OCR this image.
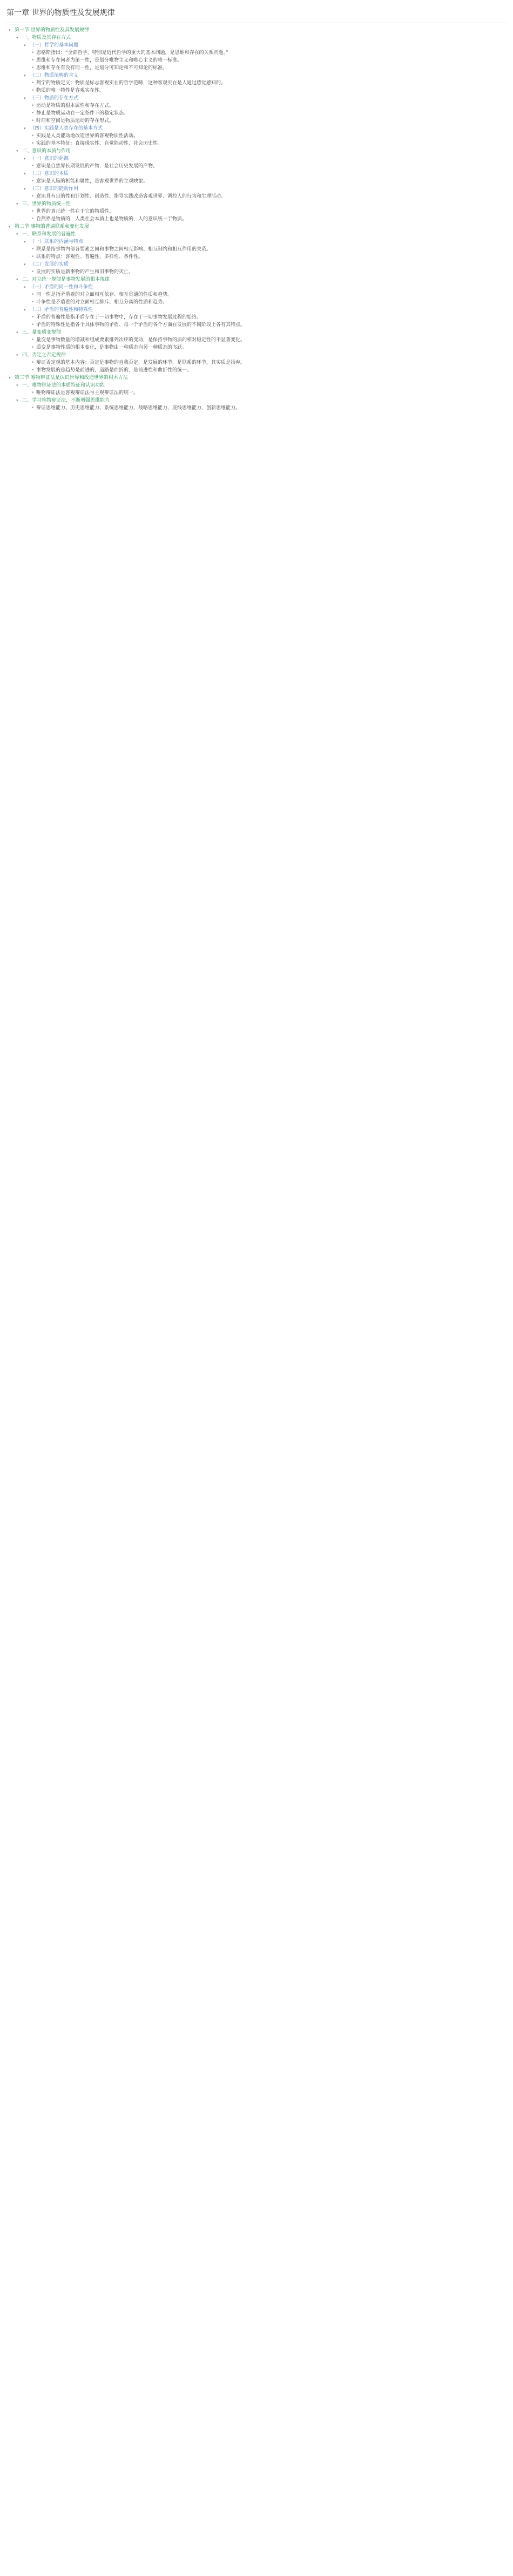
第一章 世界的物质性及发展规律
▾ 第一节 世界的物质性及其发展规律
▾ 一、物质及其存在方式
▾ （一）哲学的基本问题
• 恩格斯指出：“全部哲学，特别是近代哲学的重大的基本问题，是思维和存在的关系问题。”
• 思维和存在何者为第一性，是划分唯物主义和唯心主义的唯一标准。
• 思维和存在有没有同一性，是划分可知论和不可知论的标准。
▾ （二）物质范畴的含义
• 列宁的物质定义：物质是标志客观实在的哲学范畴，这种客观实在是人通过感觉感知的。
• 物质的唯一特性是客观实在性。
▾ （三）物质的存在方式
• 运动是物质的根本属性和存在方式。
• 静止是物质运动在一定条件下的稳定状态。
• 时间和空间是物质运动的存在形式。
▾ （四）实践是人类存在的基本方式
• 实践是人类能动地改造世界的客观物质性活动。
• 实践的基本特征：直接现实性、自觉能动性、社会历史性。
▾ 二、意识的本质与作用
▾ （一）意识的起源
• 意识是自然界长期发展的产物，是社会历史发展的产物。
▾ （二）意识的本质
• 意识是人脑的机能和属性，是客观世界的主观映象。
▾ （三）意识的能动作用
• 意识具有目的性和计划性、创造性、指导实践改造客观世界、调控人的行为和生理活动。
▾ 三、世界的物质统一性
• 世界的真正统一性在于它的物质性。
• 自然界是物质的，人类社会本质上也是物质的，人的意识统一于物质。
▾ 第二节 事物的普遍联系和变化发展
▾ 一、联系和发展的普遍性
▾ （一）联系的内涵与特点
• 联系是指事物内部各要素之间和事物之间相互影响、相互制约和相互作用的关系。
• 联系的特点：客观性、普遍性、多样性、条件性。
▾ （二）发展的实质
• 发展的实质是新事物的产生和旧事物的灭亡。
▾ 二、对立统一规律是事物发展的根本规律
▾ （一）矛盾的同一性和斗争性
• 同一性是指矛盾着的对立面相互依存、相互贯通的性质和趋势。
• 斗争性是矛盾着的对立面相互排斥、相互分离的性质和趋势。
▾ （二）矛盾的普遍性和特殊性
• 矛盾的普遍性是指矛盾存在于一切事物中，存在于一切事物发展过程的始终。
• 矛盾的特殊性是指各个具体事物的矛盾、每一个矛盾的各个方面在发展的不同阶段上各有其特点。
▾ 三、量变质变规律
• 量变是事物数量的增减和组成要素排列次序的变动，是保持事物的质的相对稳定性的不显著变化。
• 质变是事物性质的根本变化，是事物由一种质态向另一种质态的飞跃。
▾ 四、否定之否定规律
• 辩证否定观的基本内容：否定是事物的自我否定，是发展的环节，是联系的环节，其实质是扬弃。
• 事物发展的总趋势是前进的，道路是曲折的，是前进性和曲折性的统一。
▾ 第三节 唯物辩证法是认识世界和改造世界的根本方法
▾ 一、唯物辩证法的本质特征和认识功能
• 唯物辩证法是客观辩证法与主观辩证法的统一。
▾ 二、学习唯物辩证法，不断增强思维能力
• 辩证思维能力、历史思维能力、系统思维能力、战略思维能力、底线思维能力、创新思维能力。
